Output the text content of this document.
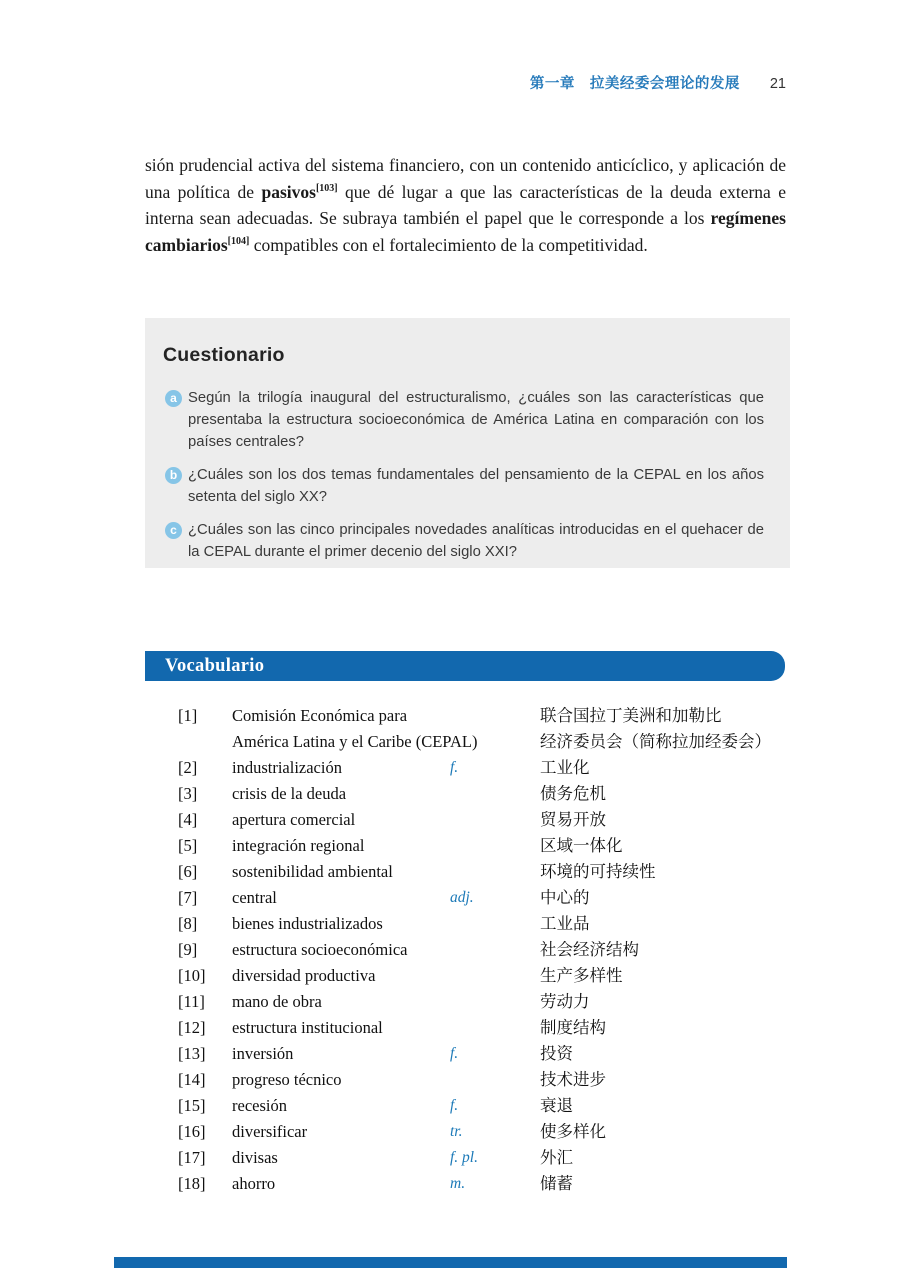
第一章　拉美经委会理论的发展 21

sión prudencial activa del sistema financiero, con un contenido anticíclico, y aplicación de una política de pasivos[103] que dé lugar a que las características de la deuda externa e interna sean adecuadas. Se subraya también el papel que le corresponde a los regímenes cambiarios[104] compatibles con el fortalecimiento de la competitividad.

Cuestionario
a Según la trilogía inaugural del estructuralismo, ¿cuáles son las características que presentaba la estructura socioeconómica de América Latina en comparación con los países centrales?
b ¿Cuáles son los dos temas fundamentales del pensamiento de la CEPAL en los años setenta del siglo XX?
c ¿Cuáles son las cinco principales novedades analíticas introducidas en el quehacer de la CEPAL durante el primer decenio del siglo XXI?
Vocabulario
[1]	Comisión Económica para	联合国拉丁美洲和加勒比
América Latina y el Caribe (CEPAL)	经济委员会（简称拉加经委会）
[2]	industrialización	f.	工业化
[3]	crisis de la deuda	债务危机
[4]	apertura comercial	贸易开放
[5]	integración regional	区域一体化
[6]	sostenibilidad ambiental	环境的可持续性
[7]	central	adj.	中心的
[8]	bienes industrializados	工业品
[9]	estructura socioeconómica	社会经济结构
[10]	diversidad productiva	生产多样性
[11]	mano de obra	劳动力
[12]	estructura institucional	制度结构
[13]	inversión	f.	投资
[14]	progreso técnico	技术进步
[15]	recesión	f.	衰退
[16]	diversificar	tr.	使多样化
[17]	divisas	f. pl.	外汇
[18]	ahorro	m.	储蓄
